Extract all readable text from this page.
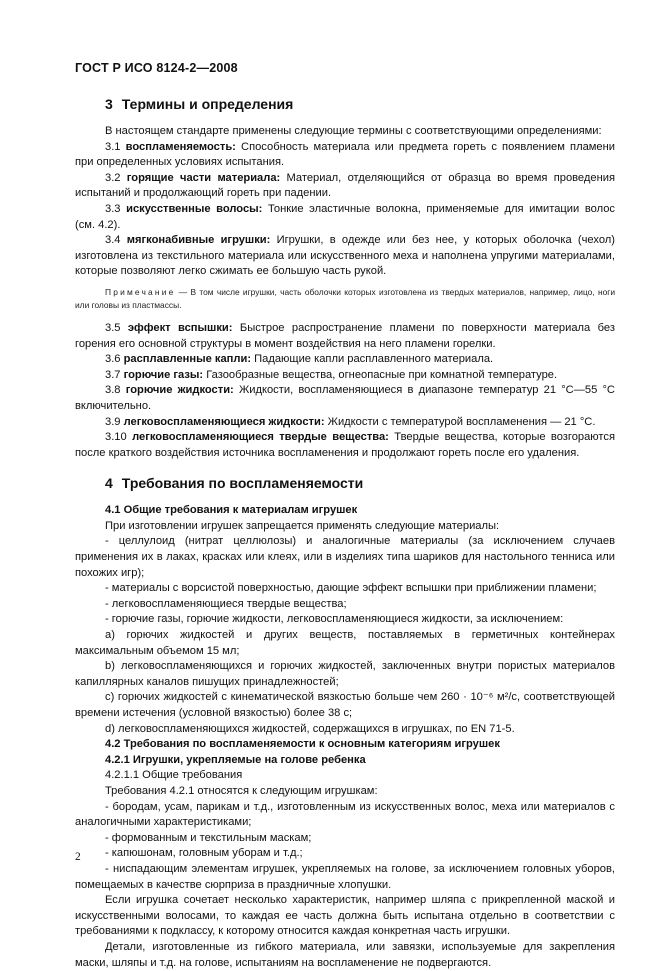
ГОСТ Р ИСО 8124-2—2008
3 Термины и определения

В настоящем стандарте применены следующие термины с соответствующими определениями:

3.1 воспламеняемость: Способность материала или предмета гореть с появлением пламени при определенных условиях испытания.

3.2 горящие части материала: Материал, отделяющийся от образца во время проведения испытаний и продолжающий гореть при падении.

3.3 искусственные волосы: Тонкие эластичные волокна, применяемые для имитации волос (см. 4.2).

3.4 мягконабивные игрушки: Игрушки, в одежде или без нее, у которых оболочка (чехол) изготовлена из текстильного материала или искусственного меха и наполнена упругими материалами, которые позволяют легко сжимать ее большую часть рукой.

Примечание — В том числе игрушки, часть оболочки которых изготовлена из твердых материалов, например, лицо, ноги или головы из пластмассы.

3.5 эффект вспышки: Быстрое распространение пламени по поверхности материала без горения его основной структуры в момент воздействия на него пламени горелки.

3.6 расплавленные капли: Падающие капли расплавленного материала.

3.7 горючие газы: Газообразные вещества, огнеопасные при комнатной температуре.

3.8 горючие жидкости: Жидкости, воспламеняющиеся в диапазоне температур 21 °С—55 °С включительно.

3.9 легковоспламеняющиеся жидкости: Жидкости с температурой воспламенения — 21 °С.

3.10 легковоспламеняющиеся твердые вещества: Твердые вещества, которые возгораются после краткого воздействия источника воспламенения и продолжают гореть после его удаления.

4 Требования по воспламеняемости

4.1 Общие требования к материалам игрушек

При изготовлении игрушек запрещается применять следующие материалы:

- целлулоид (нитрат целлюлозы) и аналогичные материалы (за исключением случаев применения их в лаках, красках или клеях, или в изделиях типа шариков для настольного тенниса или похожих игр);

- материалы с ворсистой поверхностью, дающие эффект вспышки при приближении пламени;

- легковоспламеняющиеся твердые вещества;

- горючие газы, горючие жидкости, легковоспламеняющиеся жидкости, за исключением:

а) горючих жидкостей и других веществ, поставляемых в герметичных контейнерах максимальным объемом 15 мл;

b) легковоспламеняющихся и горючих жидкостей, заключенных внутри пористых материалов капиллярных каналов пишущих принадлежностей;

с) горючих жидкостей с кинематической вязкостью больше чем 260 · 10⁻⁶ м²/с, соответствующей времени истечения (условной вязкостью) более 38 с;

d) легковоспламеняющихся жидкостей, содержащихся в игрушках, по EN 71-5.

4.2 Требования по воспламеняемости к основным категориям игрушек

4.2.1 Игрушки, укрепляемые на голове ребенка

4.2.1.1 Общие требования

Требования 4.2.1 относятся к следующим игрушкам:

- бородам, усам, парикам и т.д., изготовленным из искусственных волос, меха или материалов с аналогичными характеристиками;

- формованным и текстильным маскам;

- капюшонам, головным уборам и т.д.;

- ниспадающим элементам игрушек, укрепляемых на голове, за исключением головных уборов, помещаемых в качестве сюрприза в праздничные хлопушки.

Если игрушка сочетает несколько характеристик, например шляпа с прикрепленной маской и искусственными волосами, то каждая ее часть должна быть испытана отдельно в соответствии с требованиями к подклассу, к которому относится каждая конкретная часть игрушки.

Детали, изготовленные из гибкого материала, или завязки, используемые для закрепления маски, шляпы и т.д. на голове, испытаниям на воспламенение не подвергаются.

2
